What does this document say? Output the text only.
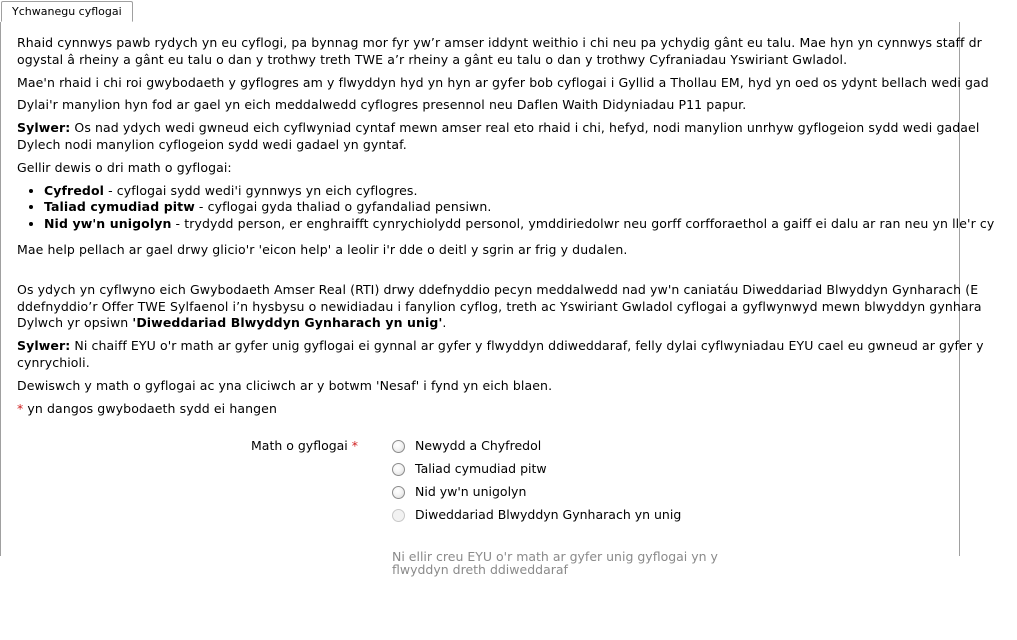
Ychwanegu cyflogai

Rhaid cynnwys pawb rydych yn eu cyflogi, pa bynnag mor fyr yw’r amser iddynt weithio i chi neu pa ychydig gânt eu talu. Mae hyn yn cynnwys staff dr
ogystal â rheiny a gânt eu talu o dan y trothwy treth TWE a’r rheiny a gânt eu talu o dan y trothwy Cyfraniadau Yswiriant Gwladol.

Mae'n rhaid i chi roi gwybodaeth y gyflogres am y flwyddyn hyd yn hyn ar gyfer bob cyflogai i Gyllid a Thollau EM, hyd yn oed os ydynt bellach wedi gad

Dylai'r manylion hyn fod ar gael yn eich meddalwedd cyflogres presennol neu Daflen Waith Didyniadau P11 papur.

Sylwer: Os nad ydych wedi gwneud eich cyflwyniad cyntaf mewn amser real eto rhaid i chi, hefyd, nodi manylion unrhyw gyflogeion sydd wedi gadael
Dylech nodi manylion cyflogeion sydd wedi gadael yn gyntaf.

Gellir dewis o dri math o gyflogai:

• Cyfredol - cyflogai sydd wedi'i gynnwys yn eich cyflogres.
• Taliad cymudiad pitw - cyflogai gyda thaliad o gyfandaliad pensiwn.
• Nid yw'n unigolyn - trydydd person, er enghraifft cynrychiolydd personol, ymddiriedolwr neu gorff corfforaethol a gaiff ei dalu ar ran neu yn lle'r cy

Mae help pellach ar gael drwy glicio'r 'eicon help' a leolir i'r dde o deitl y sgrin ar frig y dudalen.

Os ydych yn cyflwyno eich Gwybodaeth Amser Real (RTI) drwy ddefnyddio pecyn meddalwedd nad yw'n caniatáu Diweddariad Blwyddyn Gynharach (E
ddefnyddio’r Offer TWE Sylfaenol i’n hysbysu o newidiadau i fanylion cyflog, treth ac Yswiriant Gwladol cyflogai a gyflwynwyd mewn blwyddyn gynhara
Dylwch yr opsiwn 'Diweddariad Blwyddyn Gynharach yn unig'.

Sylwer: Ni chaiff EYU o'r math ar gyfer unig gyflogai ei gynnal ar gyfer y flwyddyn ddiweddaraf, felly dylai cyflwyniadau EYU cael eu gwneud ar gyfer y
cynrychioli.

Dewiswch y math o gyflogai ac yna cliciwch ar y botwm 'Nesaf' i fynd yn eich blaen.

* yn dangos gwybodaeth sydd ei hangen

Math o gyflogai *	Newydd a Chyfredol
Taliad cymudiad pitw
Nid yw'n unigolyn
Diweddariad Blwyddyn Gynharach yn unig
Ni ellir creu EYU o'r math ar gyfer unig gyflogai yn y flwyddyn dreth ddiweddaraf
